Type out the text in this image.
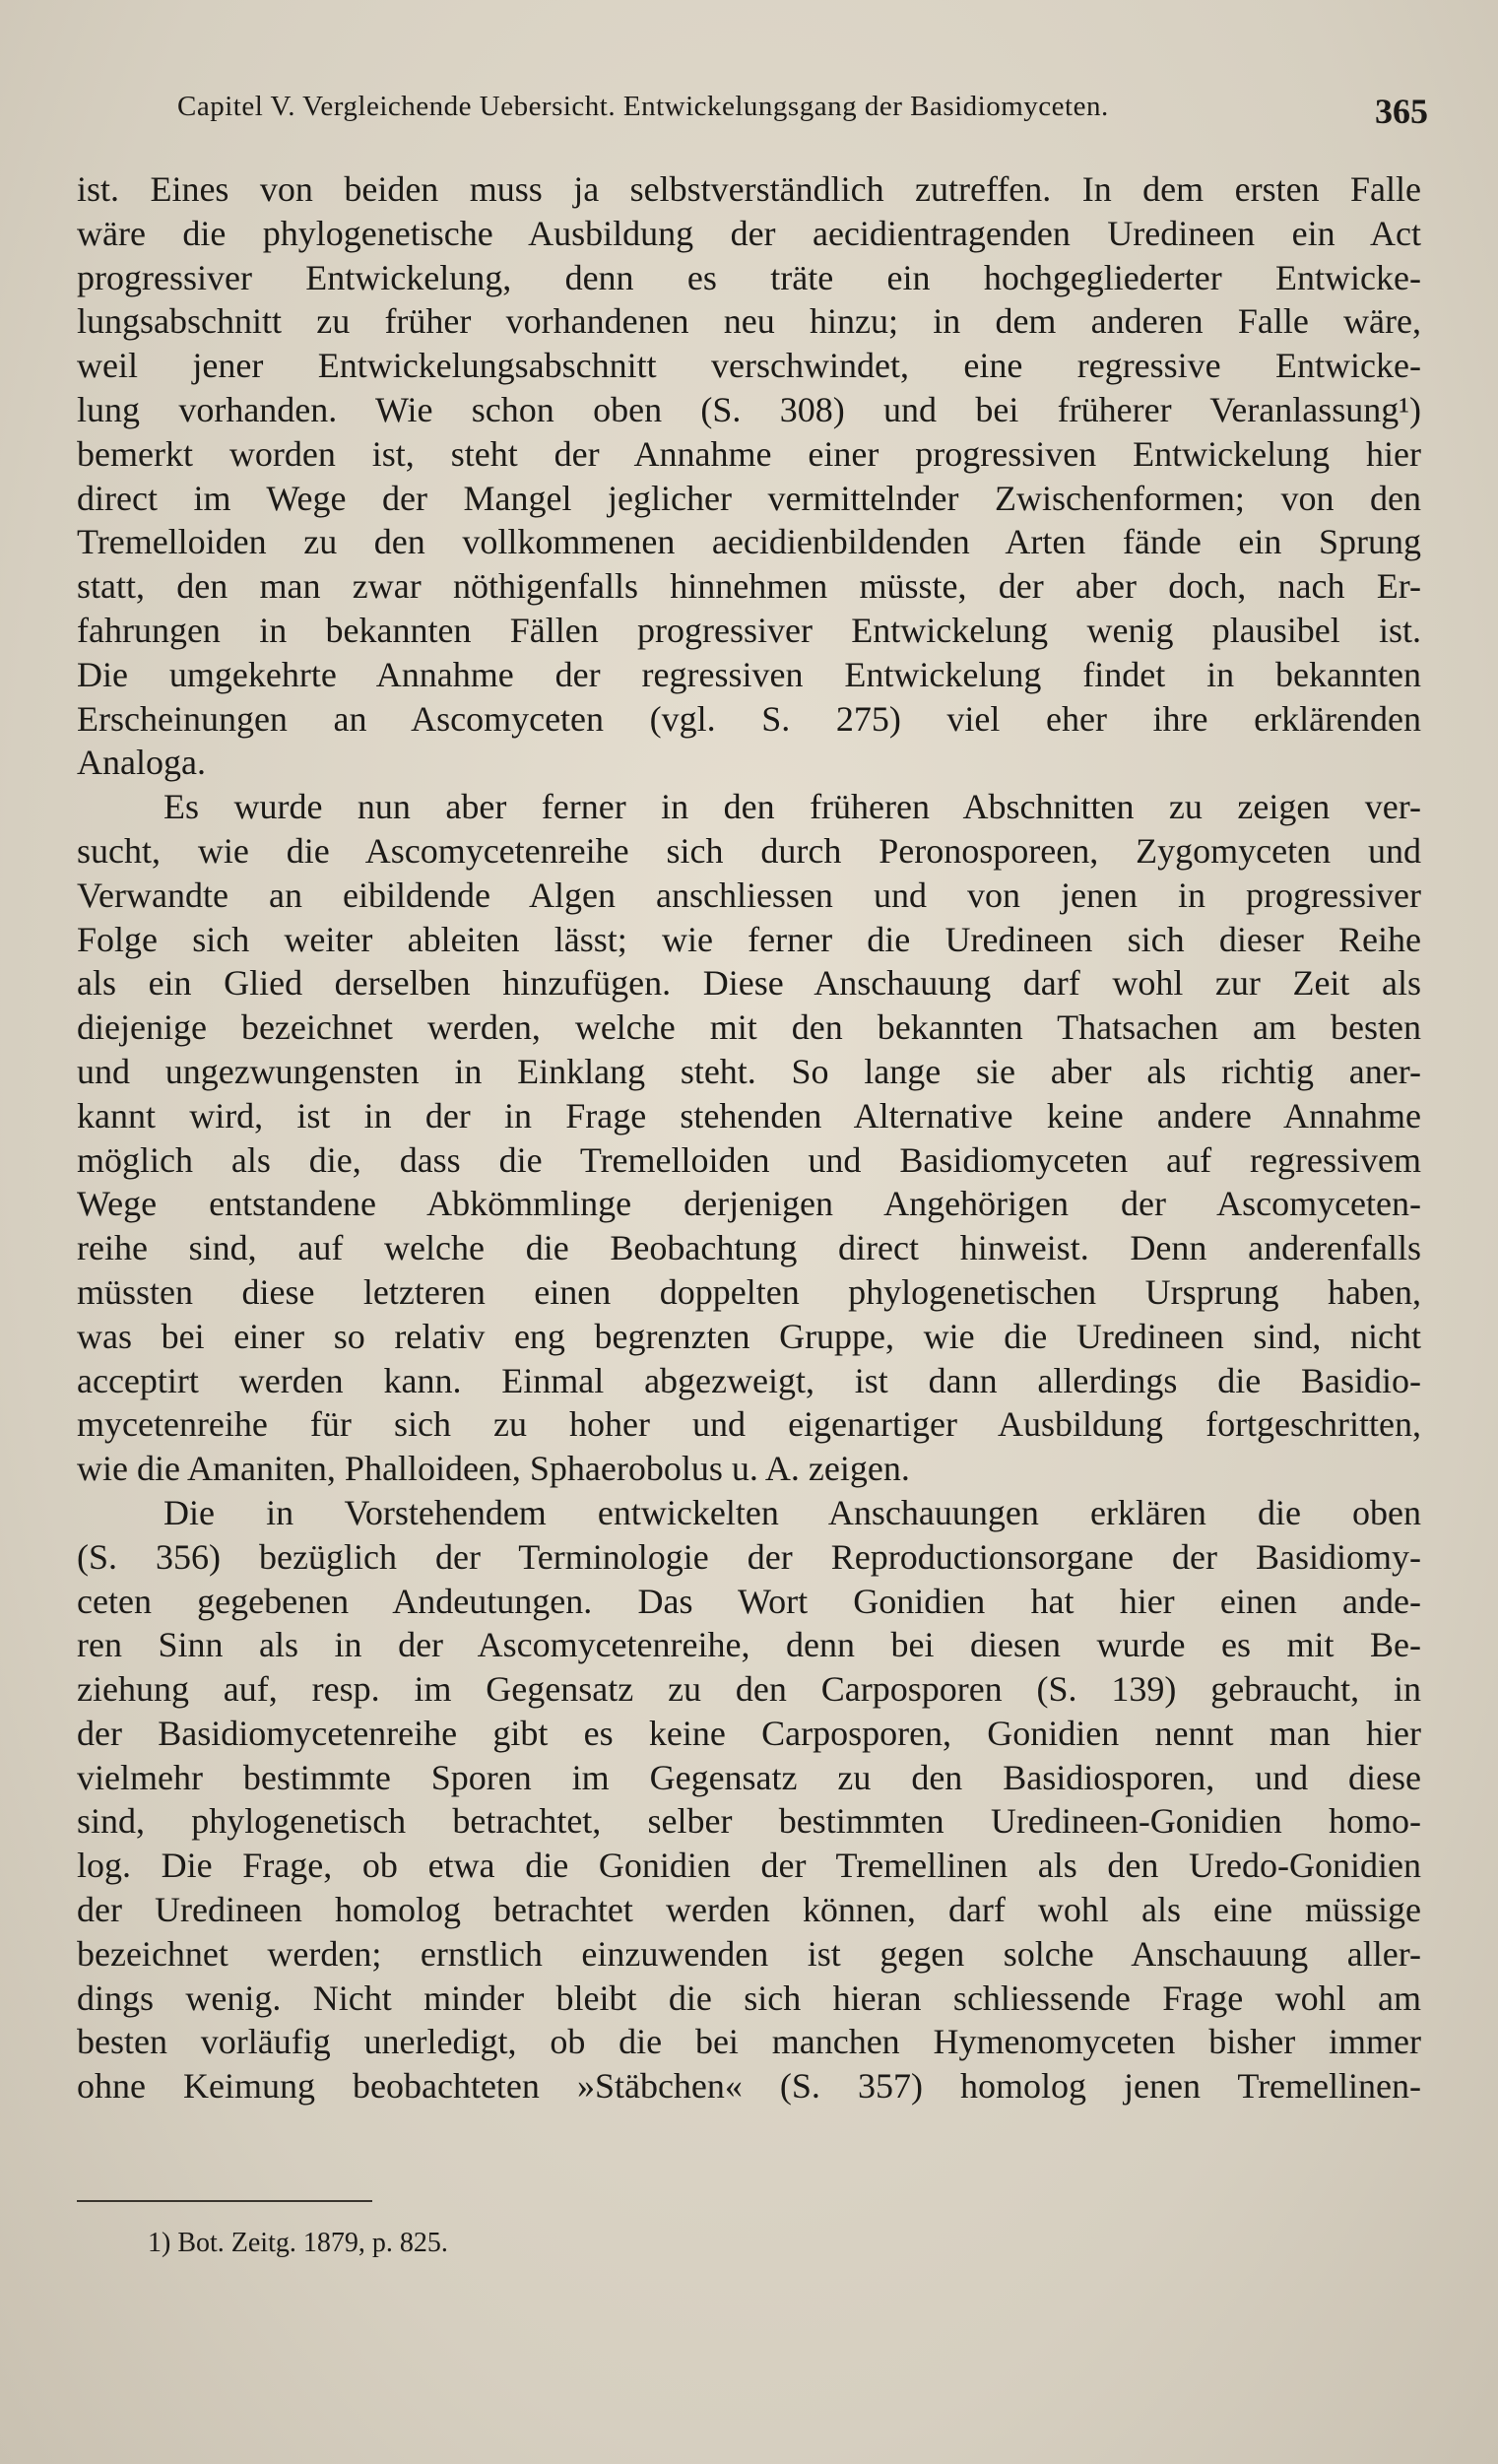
Capitel V. Vergleichende Uebersicht. Entwickelungsgang der Basidiomyceten.	365
ist. Eines von beiden muss ja selbstverständlich zutreffen. In dem ersten Falle
wäre die phylogenetische Ausbildung der aecidientragenden Uredineen ein Act
progressiver Entwickelung, denn es träte ein hochgegliederter Entwicke-
lungsabschnitt zu früher vorhandenen neu hinzu; in dem anderen Falle wäre,
weil jener Entwickelungsabschnitt verschwindet, eine regressive Entwicke-
lung vorhanden. Wie schon oben (S. 308) und bei früherer Veranlassung¹)
bemerkt worden ist, steht der Annahme einer progressiven Entwickelung hier
direct im Wege der Mangel jeglicher vermittelnder Zwischenformen; von den
Tremelloiden zu den vollkommenen aecidienbildenden Arten fände ein Sprung
statt, den man zwar nöthigenfalls hinnehmen müsste, der aber doch, nach Er-
fahrungen in bekannten Fällen progressiver Entwickelung wenig plausibel ist.
Die umgekehrte Annahme der regressiven Entwickelung findet in bekannten
Erscheinungen an Ascomyceten (vgl. S. 275) viel eher ihre erklärenden
Analoga.
Es wurde nun aber ferner in den früheren Abschnitten zu zeigen ver-
sucht, wie die Ascomycetenreihe sich durch Peronosporeen, Zygomyceten und
Verwandte an eibildende Algen anschliessen und von jenen in progressiver
Folge sich weiter ableiten lässt; wie ferner die Uredineen sich dieser Reihe
als ein Glied derselben hinzufügen. Diese Anschauung darf wohl zur Zeit als
diejenige bezeichnet werden, welche mit den bekannten Thatsachen am besten
und ungezwungensten in Einklang steht. So lange sie aber als richtig aner-
kannt wird, ist in der in Frage stehenden Alternative keine andere Annahme
möglich als die, dass die Tremelloiden und Basidiomyceten auf regressivem
Wege entstandene Abkömmlinge derjenigen Angehörigen der Ascomyceten-
reihe sind, auf welche die Beobachtung direct hinweist. Denn anderenfalls
müssten diese letzteren einen doppelten phylogenetischen Ursprung haben,
was bei einer so relativ eng begrenzten Gruppe, wie die Uredineen sind, nicht
acceptirt werden kann. Einmal abgezweigt, ist dann allerdings die Basidio-
mycetenreihe für sich zu hoher und eigenartiger Ausbildung fortgeschritten,
wie die Amaniten, Phalloideen, Sphaerobolus u. A. zeigen.
Die in Vorstehendem entwickelten Anschauungen erklären die oben
(S. 356) bezüglich der Terminologie der Reproductionsorgane der Basidiomy-
ceten gegebenen Andeutungen. Das Wort Gonidien hat hier einen ande-
ren Sinn als in der Ascomycetenreihe, denn bei diesen wurde es mit Be-
ziehung auf, resp. im Gegensatz zu den Carposporen (S. 139) gebraucht, in
der Basidiomycetenreihe gibt es keine Carposporen, Gonidien nennt man hier
vielmehr bestimmte Sporen im Gegensatz zu den Basidiosporen, und diese
sind, phylogenetisch betrachtet, selber bestimmten Uredineen-Gonidien homo-
log. Die Frage, ob etwa die Gonidien der Tremellinen als den Uredo-Gonidien
der Uredineen homolog betrachtet werden können, darf wohl als eine müssige
bezeichnet werden; ernstlich einzuwenden ist gegen solche Anschauung aller-
dings wenig. Nicht minder bleibt die sich hieran schliessende Frage wohl am
besten vorläufig unerledigt, ob die bei manchen Hymenomyceten bisher immer
ohne Keimung beobachteten »Stäbchen« (S. 357) homolog jenen Tremellinen-
1) Bot. Zeitg. 1879, p. 825.
